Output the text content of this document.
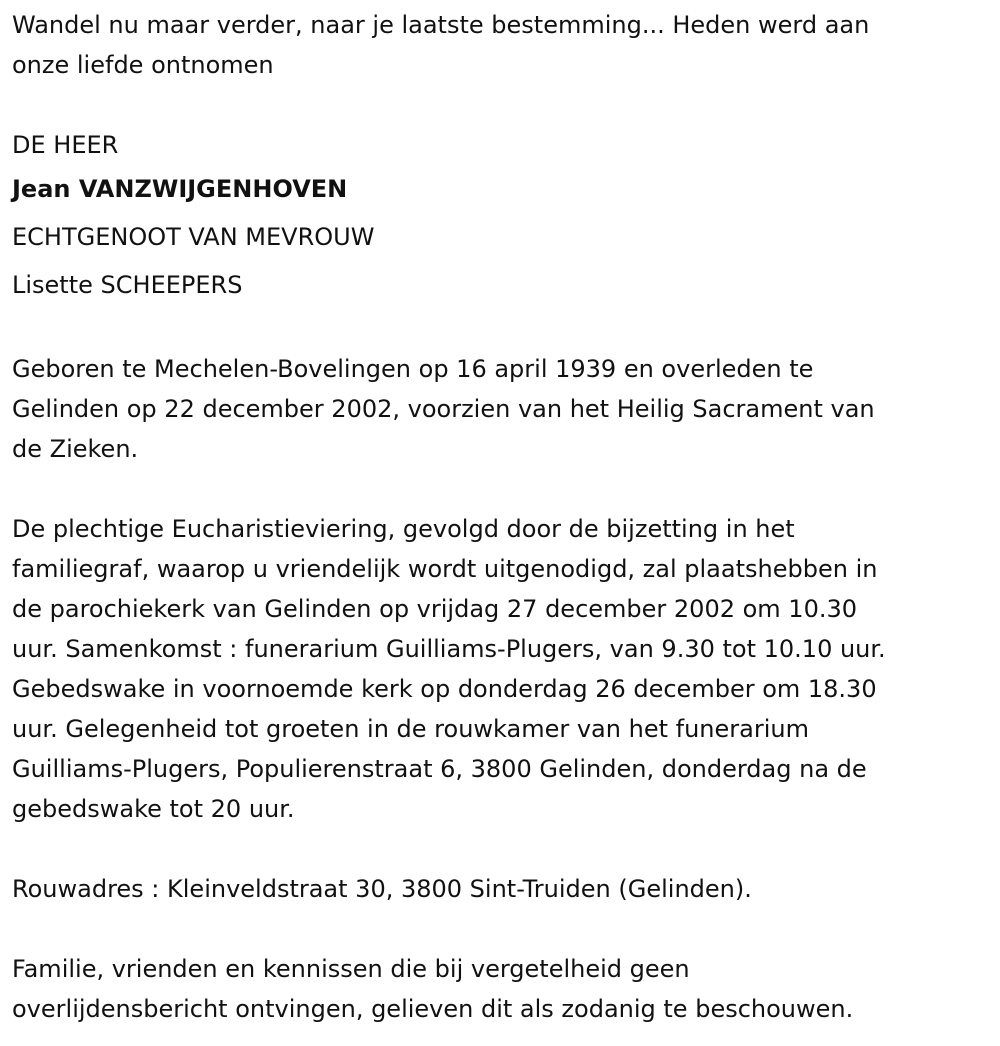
Wandel nu maar verder, naar je laatste bestemming... Heden werd aan
onze liefde ontnomen
DE HEER
Jean VANZWIJGENHOVEN
ECHTGENOOT VAN MEVROUW
Lisette SCHEEPERS
Geboren te Mechelen-Bovelingen op 16 april 1939 en overleden te
Gelinden op 22 december 2002, voorzien van het Heilig Sacrament van
de Zieken.
De plechtige Eucharistieviering, gevolgd door de bijzetting in het
familiegraf, waarop u vriendelijk wordt uitgenodigd, zal plaatshebben in
de parochiekerk van Gelinden op vrijdag 27 december 2002 om 10.30
uur. Samenkomst : funerarium Guilliams-Plugers, van 9.30 tot 10.10 uur.
Gebedswake in voornoemde kerk op donderdag 26 december om 18.30
uur. Gelegenheid tot groeten in de rouwkamer van het funerarium
Guilliams-Plugers, Populierenstraat 6, 3800 Gelinden, donderdag na de
gebedswake tot 20 uur.
Rouwadres : Kleinveldstraat 30, 3800 Sint-Truiden (Gelinden).
Familie, vrienden en kennissen die bij vergetelheid geen
overlijdensbericht ontvingen, gelieven dit als zodanig te beschouwen.
